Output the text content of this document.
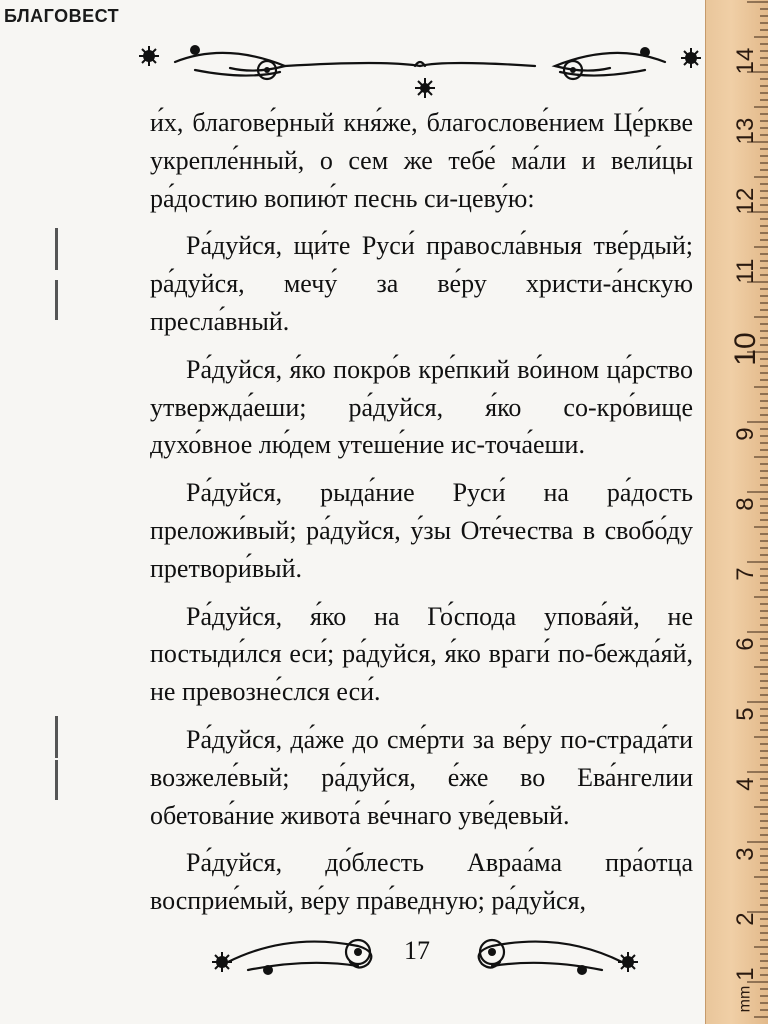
БЛАГОВЕСТ

и́х, благове́рный кня́же, благослове́нием Це́ркве укрепле́нный, о сем же тебе́ ма́ли и вели́цы ра́достию вопию́т песнь си-цеву́ю:

Ра́дуйся, щи́те Руси́ правосла́вныя тве́рдый; ра́дуйся, мечу́ за ве́ру христи-а́нскую пресла́вный.

Ра́дуйся, я́ко покро́в кре́пкий во́ином ца́рство утвержда́еши; ра́дуйся, я́ко со-кро́вище духо́вное лю́дем утеше́ние ис-точа́еши.

Ра́дуйся, рыда́ние Руси́ на ра́дость преложи́вый; ра́дуйся, у́зы Оте́чества в свобо́ду претвори́вый.

Ра́дуйся, я́ко на Го́спода упова́яй, не постыди́лся еси́; ра́дуйся, я́ко враги́ по-бежда́яй, не превозне́слся еси́.

Ра́дуйся, да́же до сме́рти за ве́ру по-страда́ти возжеле́вый; ра́дуйся, е́же во Ева́нгелии обетова́ние живота́ ве́чнаго уве́девый.

Ра́дуйся, до́блесть Авраа́ма пра́отца восприе́мый, ве́ру пра́ведную; ра́дуйся,

17
14
13
12
11
10
9
8
7
6
5
4
3
2
1
mm
